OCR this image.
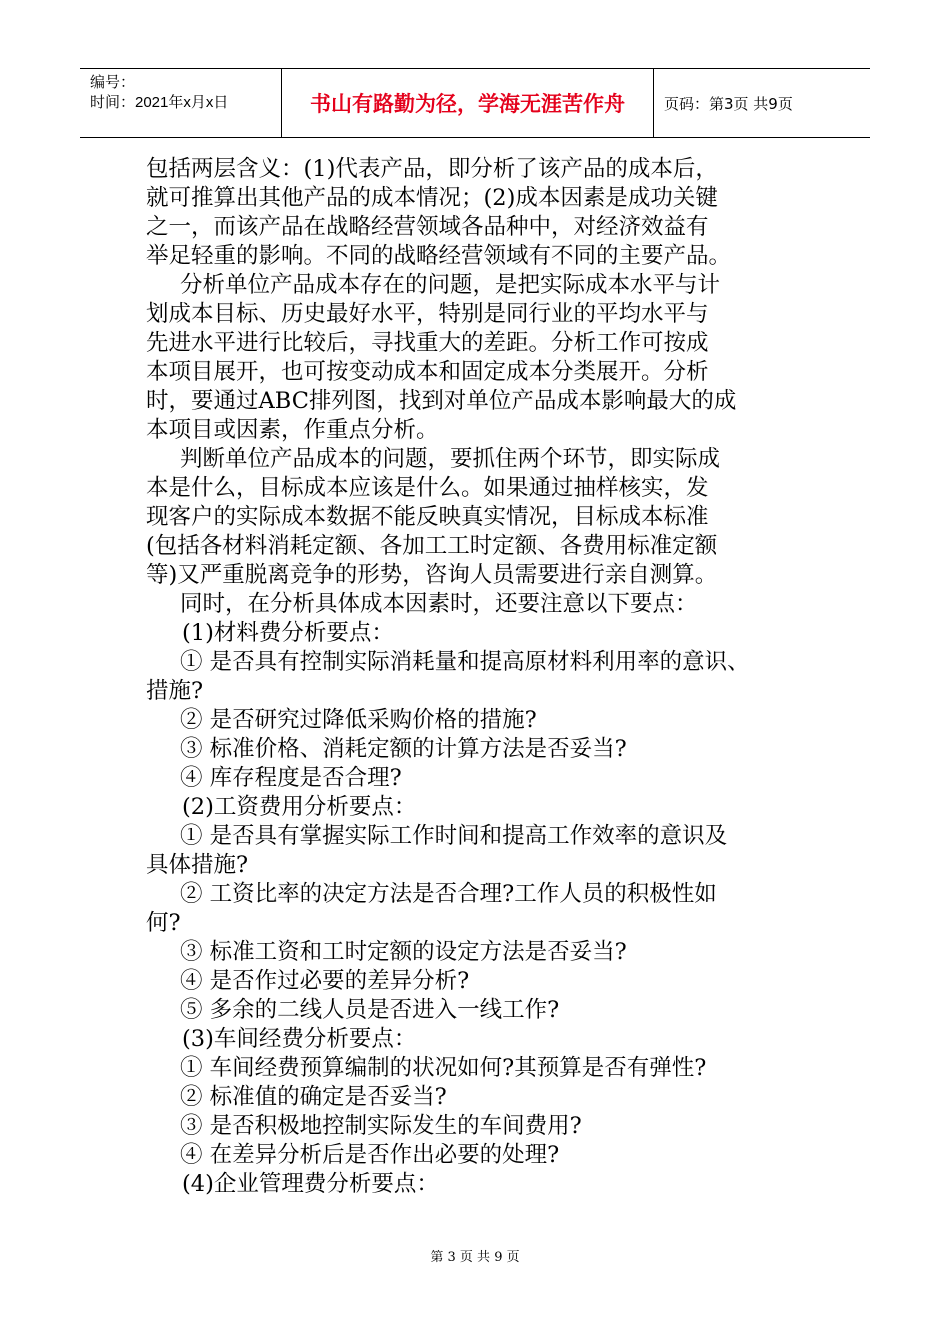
编号：
时间：2021年x月x日	书山有路勤为径，学海无涯苦作舟	页码：第3页 共9页
包括两层含义：(1)代表产品，即分析了该产品的成本后，
就可推算出其他产品的成本情况；(2)成本因素是成功关键
之一，而该产品在战略经营领域各品种中，对经济效益有
举足轻重的影响。不同的战略经营领域有不同的主要产品。
分析单位产品成本存在的问题，是把实际成本水平与计
划成本目标、历史最好水平，特别是同行业的平均水平与
先进水平进行比较后，寻找重大的差距。分析工作可按成
本项目展开，也可按变动成本和固定成本分类展开。分析
时，要通过ABC排列图，找到对单位产品成本影响最大的成
本项目或因素，作重点分析。
判断单位产品成本的问题，要抓住两个环节，即实际成
本是什么，目标成本应该是什么。如果通过抽样核实，发
现客户的实际成本数据不能反映真实情况，目标成本标准
(包括各材料消耗定额、各加工工时定额、各费用标准定额
等)又严重脱离竞争的形势，咨询人员需要进行亲自测算。
同时，在分析具体成本因素时，还要注意以下要点：
(1)材料费分析要点：
① 是否具有控制实际消耗量和提高原材料利用率的意识、
措施?
② 是否研究过降低采购价格的措施?
③ 标准价格、消耗定额的计算方法是否妥当?
④ 库存程度是否合理?
(2)工资费用分析要点：
① 是否具有掌握实际工作时间和提高工作效率的意识及
具体措施?
② 工资比率的决定方法是否合理?工作人员的积极性如
何?
③ 标准工资和工时定额的设定方法是否妥当?
④ 是否作过必要的差异分析?
⑤ 多余的二线人员是否进入一线工作?
(3)车间经费分析要点：
① 车间经费预算编制的状况如何?其预算是否有弹性?
② 标准值的确定是否妥当?
③ 是否积极地控制实际发生的车间费用?
④ 在差异分析后是否作出必要的处理?
(4)企业管理费分析要点：
第 3 页 共 9 页
